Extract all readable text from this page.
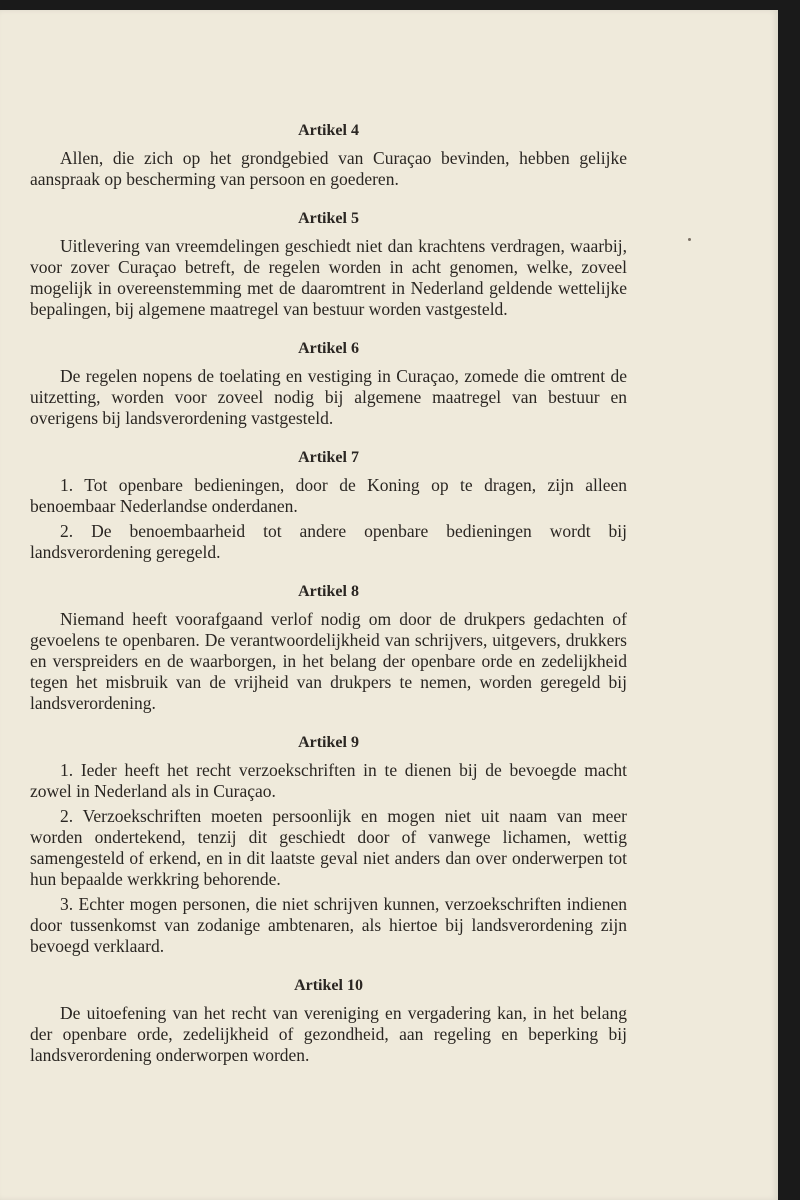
Artikel 4
Allen, die zich op het grondgebied van Curaçao bevinden, hebben gelijke aanspraak op bescherming van persoon en goederen.
Artikel 5
Uitlevering van vreemdelingen geschiedt niet dan krachtens verdragen, waarbij, voor zover Curaçao betreft, de regelen worden in acht genomen, welke, zoveel mogelijk in overeenstemming met de daaromtrent in Nederland geldende wettelijke bepalingen, bij algemene maatregel van bestuur worden vastgesteld.
Artikel 6
De regelen nopens de toelating en vestiging in Curaçao, zomede die omtrent de uitzetting, worden voor zoveel nodig bij algemene maatregel van bestuur en overigens bij landsverordening vastgesteld.
Artikel 7
1. Tot openbare bedieningen, door de Koning op te dragen, zijn alleen benoembaar Nederlandse onderdanen.
2. De benoembaarheid tot andere openbare bedieningen wordt bij landsverordening geregeld.
Artikel 8
Niemand heeft voorafgaand verlof nodig om door de drukpers gedachten of gevoelens te openbaren. De verantwoordelijkheid van schrijvers, uitgevers, drukkers en verspreiders en de waarborgen, in het belang der openbare orde en zedelijkheid tegen het misbruik van de vrijheid van drukpers te nemen, worden geregeld bij landsverordening.
Artikel 9
1. Ieder heeft het recht verzoekschriften in te dienen bij de bevoegde macht zowel in Nederland als in Curaçao.
2. Verzoekschriften moeten persoonlijk en mogen niet uit naam van meer worden ondertekend, tenzij dit geschiedt door of vanwege lichamen, wettig samengesteld of erkend, en in dit laatste geval niet anders dan over onderwerpen tot hun bepaalde werkkring behorende.
3. Echter mogen personen, die niet schrijven kunnen, verzoekschriften indienen door tussenkomst van zodanige ambtenaren, als hiertoe bij landsverordening zijn bevoegd verklaard.
Artikel 10
De uitoefening van het recht van vereniging en vergadering kan, in het belang der openbare orde, zedelijkheid of gezondheid, aan regeling en beperking bij landsverordening onderworpen worden.
